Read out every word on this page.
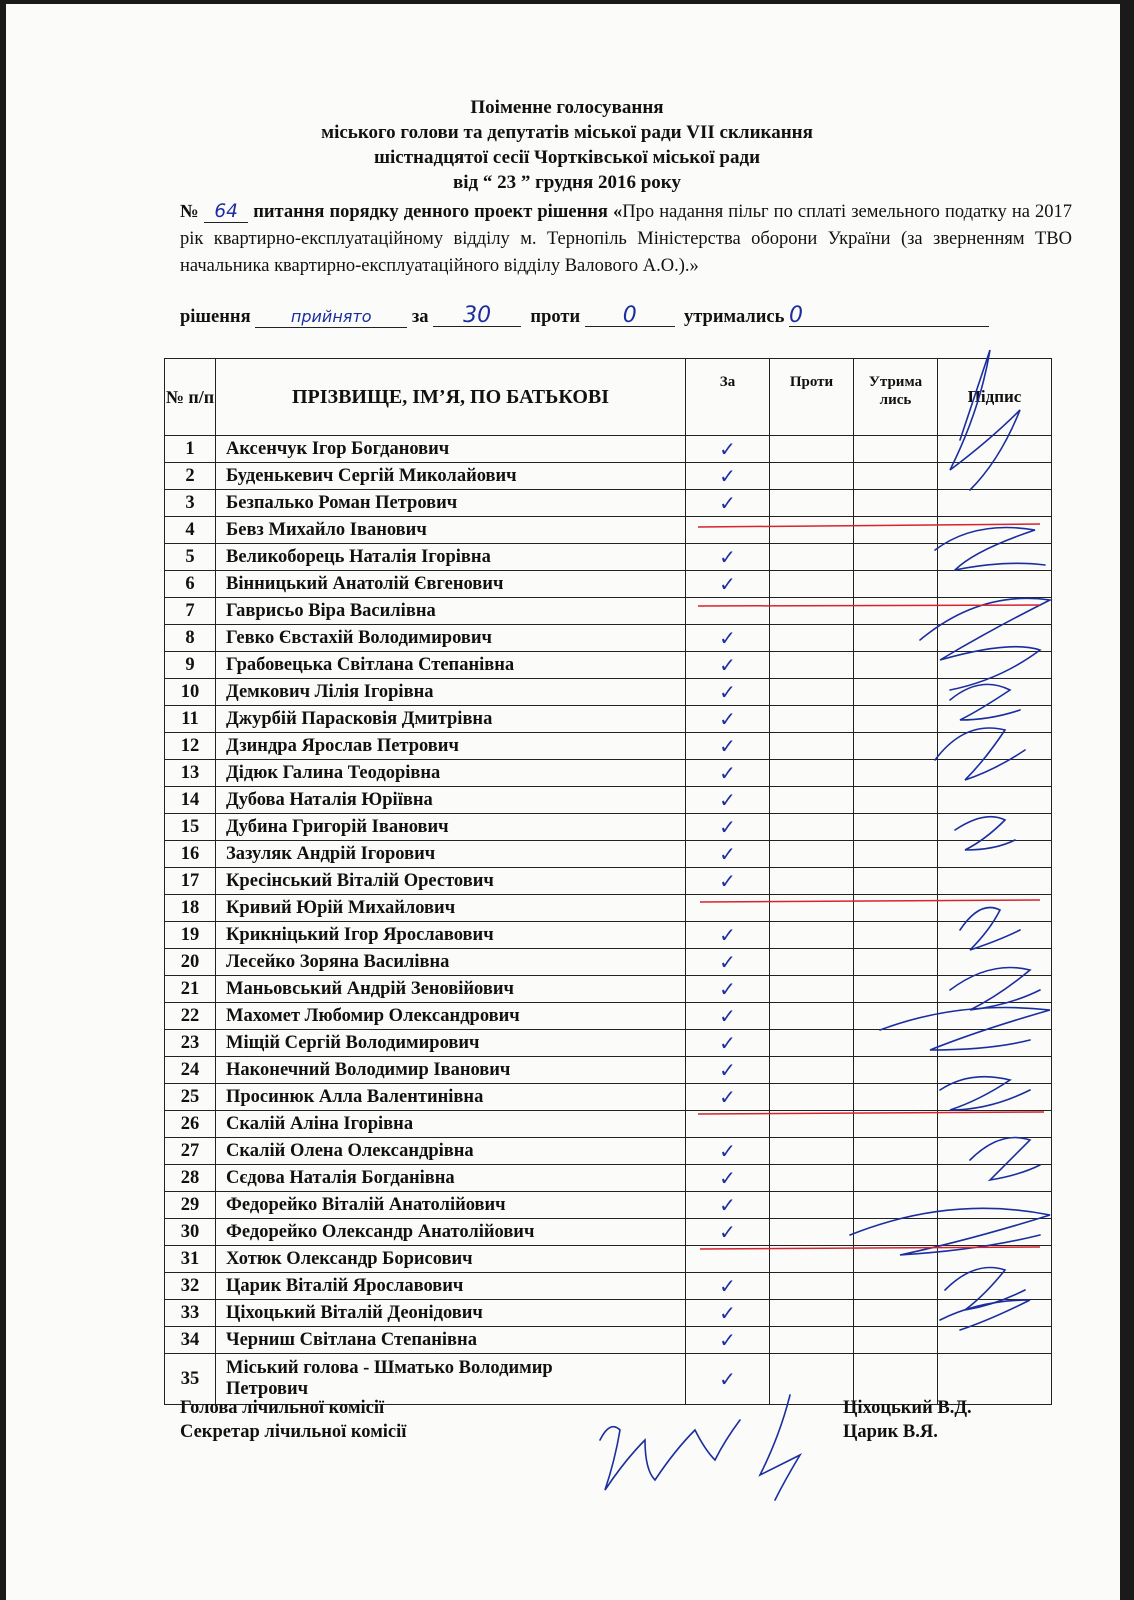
Поіменне голосування
міського голови та депутатів міської ради VII скликання
шістнадцятої сесії Чортківської міської ради
від “ 23 ” грудня 2016 року
№ 64 питання порядку денного проект рішення «Про надання пільг по сплаті земельного податку на 2017 рік квартирно-експлуатаційному відділу м. Тернопіль Міністерства оборони України (за зверненням ТВО начальника квартирно-експлуатаційного відділу Валового А.О.).»
рішення	прийнято за 30 проти 0	утримались 0
№ п/п	ПРІЗВИЩЕ, ІМ’Я, ПО БАТЬКОВІ	За	Проти	Утрима лись	Підпис
1	Аксенчук Ігор Богданович	✓			
2	Буденькевич Сергій Миколайович	✓			
3	Безпалько Роман Петрович	✓			
4	Бевз Михайло Іванович				
5	Великоборець Наталія Ігорівна	✓			
6	Вінницький Анатолій Євгенович	✓			
7	Гаврисьо Віра Василівна				
8	Гевко Євстахій Володимирович	✓			
9	Грабовецька Світлана Степанівна	✓			
10	Демкович Лілія Ігорівна	✓			
11	Джурбій Парасковія Дмитрівна	✓			
12	Дзиндра Ярослав Петрович	✓			
13	Дідюк Галина Теодорівна	✓			
14	Дубова Наталія Юріївна	✓			
15	Дубина Григорій Іванович	✓			
16	Зазуляк Андрій Ігорович	✓			
17	Кресінський Віталій Орестович	✓			
18	Кривий Юрій Михайлович				
19	Крикніцький Ігор Ярославович	✓			
20	Лесейко Зоряна Василівна	✓			
21	Маньовський Андрій Зеновійович	✓			
22	Махомет Любомир Олександрович	✓			
23	Міщій Сергій Володимирович	✓			
24	Наконечний Володимир Іванович	✓			
25	Просинюк Алла Валентинівна	✓			
26	Скалій Аліна Ігорівна				
27	Скалій Олена Олександрівна	✓			
28	Сєдова Наталія Богданівна	✓			
29	Федорейко Віталій Анатолійович	✓			
30	Федорейко Олександр Анатолійович	✓			
31	Хотюк Олександр Борисович				
32	Царик Віталій Ярославович	✓			
33	Ціхоцький Віталій Деонідович	✓			
34	Черниш Світлана Степанівна	✓			
35	Міський голова - Шматько Володимир
Петрович	✓			
Голова лічильної комісії
Секретар лічильної комісії
Ціхоцький В.Д.
Царик В.Я.
